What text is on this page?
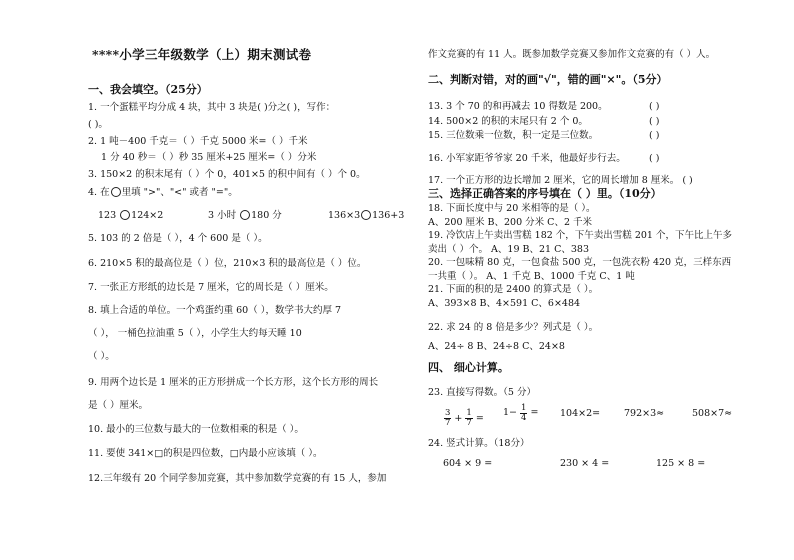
****小学三年级数学（上）期末测试卷
一、我会填空。（25分）
1. 一个蛋糕平均分成 4 块，其中 3 块是( )分之( )，写作：
( )。
2. 1 吨－400 千克＝（ ）千克 5000 米=（ ）千米
1 分 40 秒＝（ ）秒 35 厘米+25 厘米=（ ）分米
3. 150×2 的积末尾有（ ）个 0，401×5 的积中间有（ ）个 0。
4. 在 里填 ">"、"<" 或者 "="。
123 124×2	3 小时 180 分	136×3 136+3
5. 103 的 2 倍是（ ），4 个 600 是（ ）。
6. 210×5 积的最高位是（ ）位，210×3 积的最高位是（ ）位。
7. 一张正方形纸的边长是 7 厘米，它的周长是（ ）厘米。
8. 填上合适的单位。一个鸡蛋约重 60（ ），数学书大约厚 7
（ ）， 一桶色拉油重 5（ ），小学生大约每天睡 10
（ ）。
9. 用两个边长是 1 厘米的正方形拼成一个长方形，这个长方形的周长
是（ ）厘米。
10. 最小的三位数与最大的一位数相乘的积是（ ）。
11. 要使 341×□的积是四位数，□内最小应该填（ ）。
12.三年级有 20 个同学参加竞赛，其中参加数学竞赛的有 15 人，参加
作文竞赛的有 11 人。既参加数学竞赛又参加作文竞赛的有（ ）人。
二、判断对错，对的画"√"，错的画"×"。（5分）
13. 3 个 70 的和再减去 10 得数是 200。	( )
14. 500×2 的积的末尾只有 2 个 0。	( )
15. 三位数乘一位数，积一定是三位数。	( )
16. 小军家距爷爷家 20 千米，他最好步行去。 ( )
17. 一个正方形的边长增加 2 厘米，它的周长增加 8 厘米。 ( )
三、选择正确答案的序号填在（ ）里。（10分）
18. 下面长度中与 20 米相等的是（ ）。
A、200 厘米 B、200 分米 C、2 千米
19. 冷饮店上午卖出雪糕 182 个，下午卖出雪糕 201 个，下午比上午多
卖出（ ）个。 A、19 B、21 C、383
20. 一包味精 80 克，一包食盐 500 克，一包洗衣粉 420 克，三样东西
一共重（ ）。 A、1 千克 B、1000 千克 C、1 吨
21. 下面的积的是 2400 的算式是（ ）。
A、393×8 B、4×591 C、6×484
22. 求 24 的 8 倍是多少？列式是（ ）。
A、24÷ 8 B、24÷8 C、24×8
四、 细心计算。
23. 直接写得数。（5 分）
$\frac{3}{7} + \frac{1}{7} = 1- \frac{1}{4} = 104\times 2=$	792×3≈	508×7≈
24. 竖式计算。（18分）
604 × 9 =	230 × 4 =	125 × 8 =
